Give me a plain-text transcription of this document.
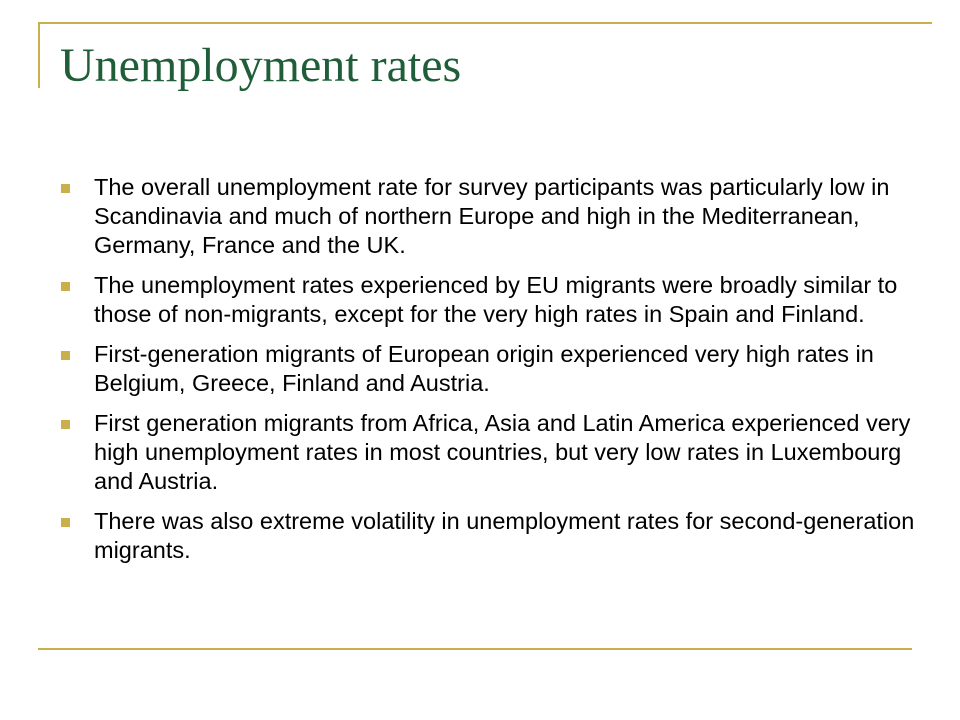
Unemployment rates
The overall unemployment rate for survey participants was particularly low in Scandinavia and much of northern Europe and high in the Mediterranean, Germany, France and the UK.
The unemployment rates experienced by EU migrants were broadly similar to those of non-migrants, except for the very high rates in Spain and Finland.
First-generation migrants of European origin experienced very high rates in Belgium, Greece, Finland and Austria.
First generation migrants from Africa, Asia and Latin America experienced very high unemployment rates in most countries, but very low rates in Luxembourg and Austria.
There was also extreme volatility in unemployment rates for second-generation migrants.
